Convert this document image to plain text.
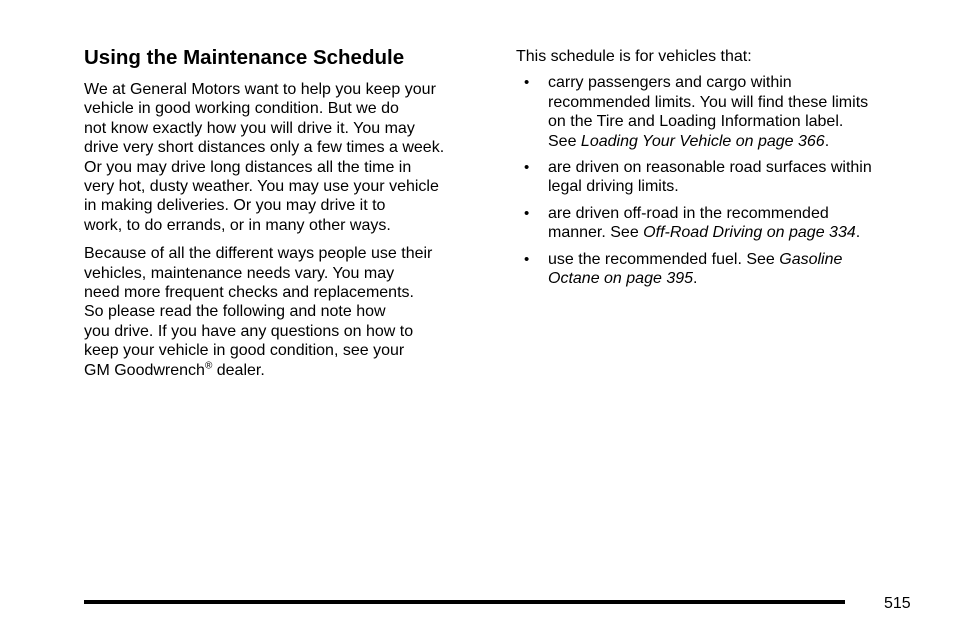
Using the Maintenance Schedule

We at General Motors want to help you keep your
vehicle in good working condition. But we do
not know exactly how you will drive it. You may
drive very short distances only a few times a week.
Or you may drive long distances all the time in
very hot, dusty weather. You may use your vehicle
in making deliveries. Or you may drive it to
work, to do errands, or in many other ways.

Because of all the different ways people use their
vehicles, maintenance needs vary. You may
need more frequent checks and replacements.
So please read the following and note how
you drive. If you have any questions on how to
keep your vehicle in good condition, see your
GM Goodwrench® dealer.

This schedule is for vehicles that:

• carry passengers and cargo within
recommended limits. You will find these limits
on the Tire and Loading Information label.
See Loading Your Vehicle on page 366.
• are driven on reasonable road surfaces within
legal driving limits.
• are driven off-road in the recommended
manner. See Off-Road Driving on page 334.
• use the recommended fuel. See Gasoline
Octane on page 395.
515
